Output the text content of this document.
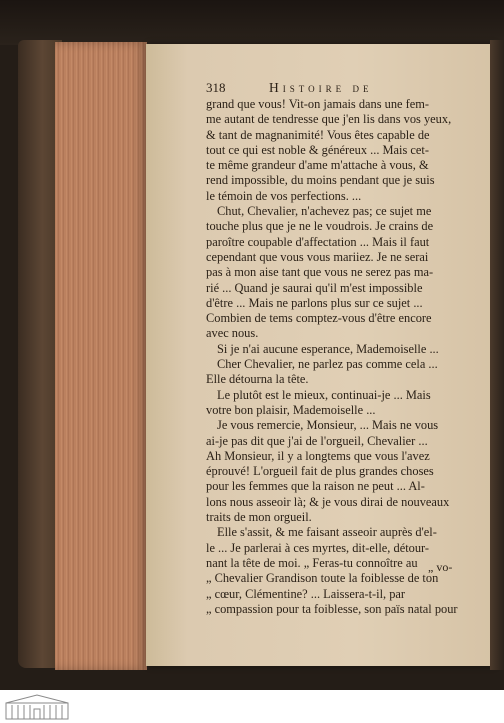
318	Histoire de
grand que vous! Vit-on jamais dans une fem-
me autant de tendresse que j'en lis dans vos yeux,
& tant de magnanimité! Vous êtes capable de
tout ce qui est noble & généreux ... Mais cet-
te même grandeur d'ame m'attache à vous, &
rend impossible, du moins pendant que je suis
le témoin de vos perfections. ...
Chut, Chevalier, n'achevez pas; ce sujet me
touche plus que je ne le voudrois. Je crains de
paroître coupable d'affectation ... Mais il faut
cependant que vous vous mariiez. Je ne serai
pas à mon aise tant que vous ne serez pas ma-
rié ... Quand je saurai qu'il m'est impossible
d'être ... Mais ne parlons plus sur ce sujet ...
Combien de tems comptez-vous d'être encore
avec nous.
Si je n'ai aucune esperance, Mademoiselle ...
Cher Chevalier, ne parlez pas comme cela ...
Elle détourna la tête.
Le plutôt est le mieux, continuai-je ... Mais
votre bon plaisir, Mademoiselle ...
Je vous remercie, Monsieur, ... Mais ne vous
ai-je pas dit que j'ai de l'orgueil, Chevalier ...
Ah Monsieur, il y a longtems que vous l'avez
éprouvé! L'orgueil fait de plus grandes choses
pour les femmes que la raison ne peut ... Al-
lons nous asseoir là; & je vous dirai de nouveaux
traits de mon orgueil.
Elle s'assit, & me faisant asseoir auprès d'el-
le ... Je parlerai à ces myrtes, dit-elle, détour-
nant la tête de moi. „ Feras-tu connoître au
„ Chevalier Grandison toute la foiblesse de ton
„ cœur, Clémentine? ... Laissera-t-il, par
„ compassion pour ta foiblesse, son païs natal pour
„ vo-
